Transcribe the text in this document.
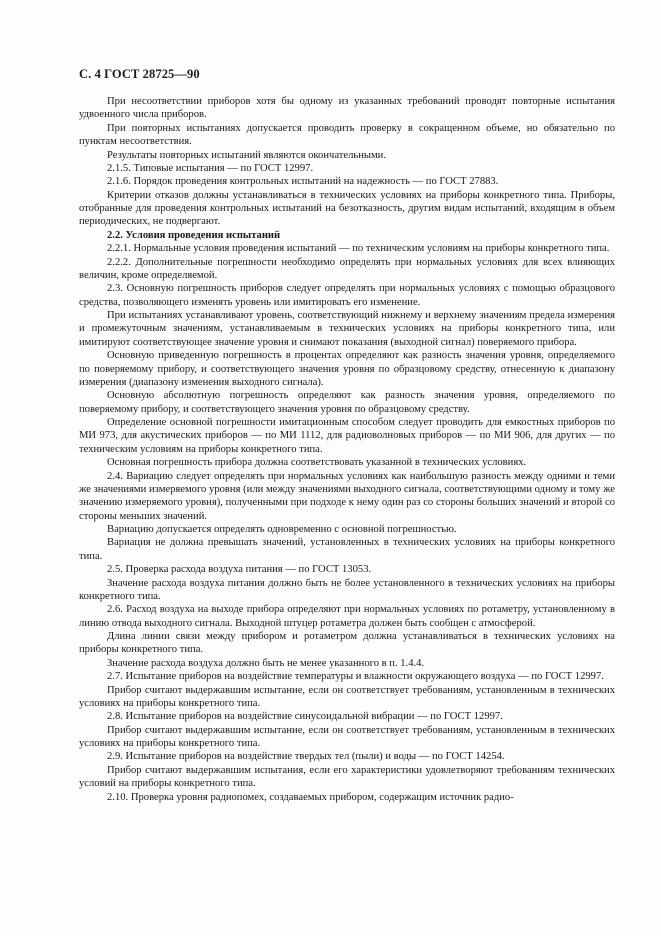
С. 4 ГОСТ 28725—90

При несоответствии приборов хотя бы одному из указанных требований проводят повторные испытания удвоенного числа приборов.

При повторных испытаниях допускается проводить проверку в сокращенном объеме, но обязательно по пунктам несоответствия.

Результаты повторных испытаний являются окончательными.

2.1.5. Типовые испытания — по ГОСТ 12997.

2.1.6. Порядок проведения контрольных испытаний на надежность — по ГОСТ 27883.

Критерии отказов должны устанавливаться в технических условиях на приборы конкретного типа. Приборы, отобранные для проведения контрольных испытаний на безотказность, другим видам испытаний, входящим в объем периодических, не подвергают.

2.2. Условия проведения испытаний

2.2.1. Нормальные условия проведения испытаний — по техническим условиям на приборы конкретного типа.

2.2.2. Дополнительные погрешности необходимо определять при нормальных условиях для всех влияющих величин, кроме определяемой.

2.3. Основную погрешность приборов следует определять при нормальных условиях с помощью образцового средства, позволяющего изменять уровень или имитировать его изменение.

При испытаниях устанавливают уровень, соответствующий нижнему и верхнему значениям предела измерения и промежуточным значениям, устанавливаемым в технических условиях на приборы конкретного типа, или имитируют соответствующее значение уровня и снимают показания (выходной сигнал) поверяемого прибора.

Основную приведенную погрешность в процентах определяют как разность значения уровня, определяемого по поверяемому прибору, и соответствующего значения уровня по образцовому средству, отнесенную к диапазону измерения (диапазону изменения выходного сигнала).

Основную абсолютную погрешность определяют как разность значения уровня, определяемого по поверяемому прибору, и соответствующего значения уровня по образцовому средству.

Определение основной погрешности имитационным способом следует проводить для емкостных приборов по МИ 973, для акустических приборов — по МИ 1112, для радиоволновых приборов — по МИ 906, для других — по техническим условиям на приборы конкретного типа.

Основная погрешность прибора должна соответствовать указанной в технических условиях.

2.4. Вариацию следует определять при нормальных условиях как наибольшую разность между одними и теми же значениями измеряемого уровня (или между значениями выходного сигнала, соответствующими одному и тому же значению измеряемого уровня), полученными при подходе к нему один раз со стороны больших значений и второй со стороны меньших значений.

Вариацию допускается определять одновременно с основной погрешностью.

Вариация не должна превышать значений, установленных в технических условиях на приборы конкретного типа.

2.5. Проверка расхода воздуха питания — по ГОСТ 13053.

Значение расхода воздуха питания должно быть не более установленного в технических условиях на приборы конкретного типа.

2.6. Расход воздуха на выходе прибора определяют при нормальных условиях по ротаметру, установленному в линию отвода выходного сигнала. Выходной штуцер ротаметра должен быть сообщен с атмосферой.

Длина линии связи между прибором и ротаметром должна устанавливаться в технических условиях на приборы конкретного типа.

Значение расхода воздуха должно быть не менее указанного в п. 1.4.4.

2.7. Испытание приборов на воздействие температуры и влажности окружающего воздуха — по ГОСТ 12997.

Прибор считают выдержавшим испытание, если он соответствует требованиям, установленным в технических условиях на приборы конкретного типа.

2.8. Испытание приборов на воздействие синусоидальной вибрации — по ГОСТ 12997.

Прибор считают выдержавшим испытание, если он соответствует требованиям, установленным в технических условиях на приборы конкретного типа.

2.9. Испытание приборов на воздействие твердых тел (пыли) и воды — по ГОСТ 14254.

Прибор считают выдержавшим испытания, если его характеристики удовлетворяют требованиям технических условий на приборы конкретного типа.

2.10. Проверка уровня радиопомех, создаваемых прибором, содержащим источник радио-
